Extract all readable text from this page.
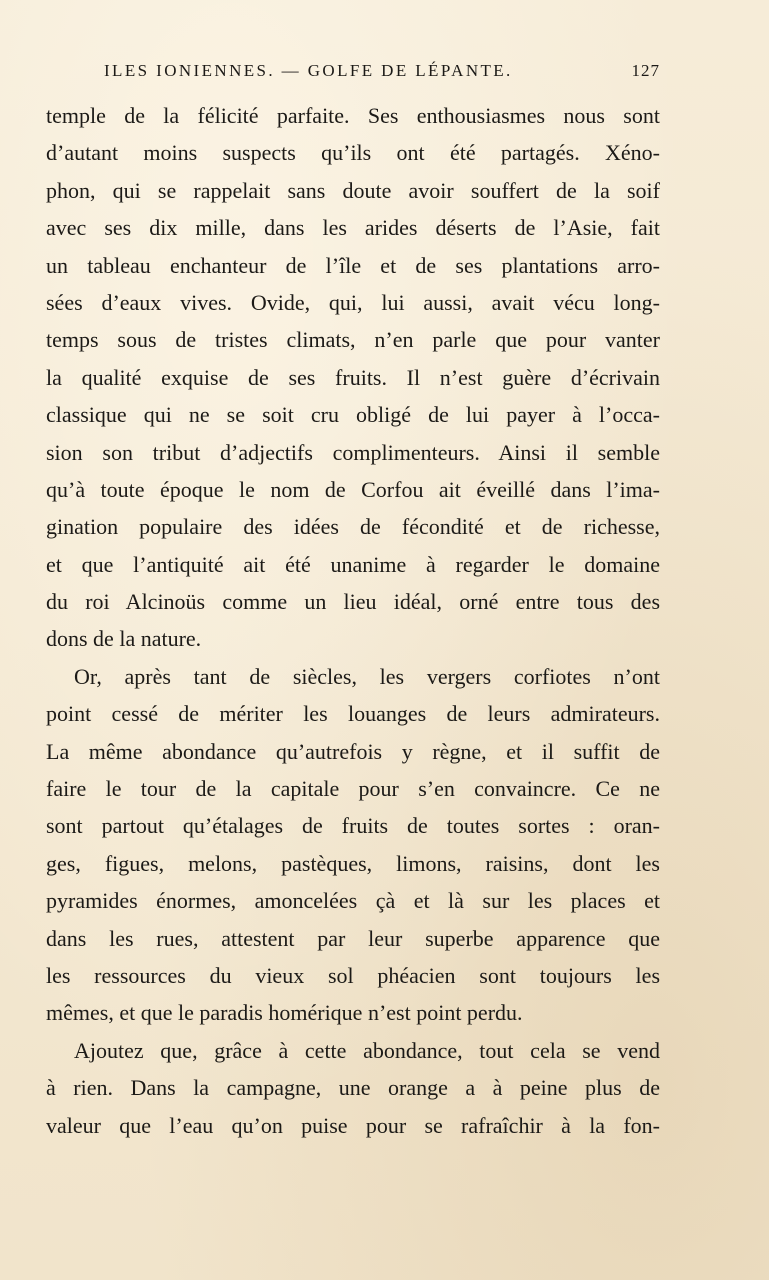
ILES IONIENNES. — GOLFE DE LÉPANTE.	127
temple de la félicité parfaite. Ses enthousiasmes nous sont
d’autant moins suspects qu’ils ont été partagés. Xéno-
phon, qui se rappelait sans doute avoir souffert de la soif
avec ses dix mille, dans les arides déserts de l’Asie, fait
un tableau enchanteur de l’île et de ses plantations arro-
sées d’eaux vives. Ovide, qui, lui aussi, avait vécu long-
temps sous de tristes climats, n’en parle que pour vanter
la qualité exquise de ses fruits. Il n’est guère d’écrivain
classique qui ne se soit cru obligé de lui payer à l’occa-
sion son tribut d’adjectifs complimenteurs. Ainsi il semble
qu’à toute époque le nom de Corfou ait éveillé dans l’ima-
gination populaire des idées de fécondité et de richesse,
et que l’antiquité ait été unanime à regarder le domaine
du roi Alcinoüs comme un lieu idéal, orné entre tous des
dons de la nature.
Or, après tant de siècles, les vergers corfiotes n’ont
point cessé de mériter les louanges de leurs admirateurs.
La même abondance qu’autrefois y règne, et il suffit de
faire le tour de la capitale pour s’en convaincre. Ce ne
sont partout qu’étalages de fruits de toutes sortes : oran-
ges, figues, melons, pastèques, limons, raisins, dont les
pyramides énormes, amoncelées çà et là sur les places et
dans les rues, attestent par leur superbe apparence que
les ressources du vieux sol phéacien sont toujours les
mêmes, et que le paradis homérique n’est point perdu.
Ajoutez que, grâce à cette abondance, tout cela se vend
à rien. Dans la campagne, une orange a à peine plus de
valeur que l’eau qu’on puise pour se rafraîchir à la fon-
